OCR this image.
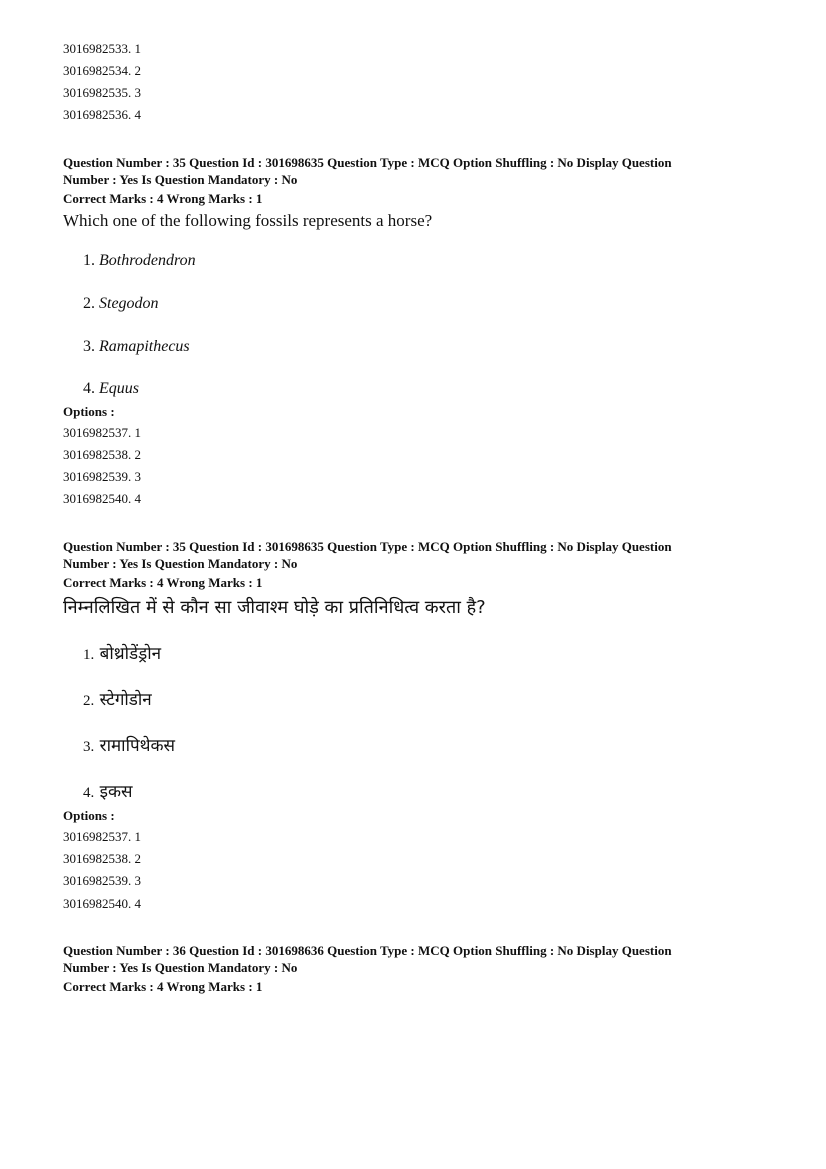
3016982533. 1
3016982534. 2
3016982535. 3
3016982536. 4
Question Number : 35 Question Id : 301698635 Question Type : MCQ Option Shuffling : No Display Question
Number : Yes Is Question Mandatory : No
Correct Marks : 4 Wrong Marks : 1
Which one of the following fossils represents a horse?
1. Bothrodendron
2. Stegodon
3. Ramapithecus
4. Equus
Options :
3016982537. 1
3016982538. 2
3016982539. 3
3016982540. 4
Question Number : 35 Question Id : 301698635 Question Type : MCQ Option Shuffling : No Display Question
Number : Yes Is Question Mandatory : No
Correct Marks : 4 Wrong Marks : 1
निम्नलिखित में से कौन सा जीवाश्म घोड़े का प्रतिनिधित्व करता है?
1. बोथ्रोडेंड्रोन
2. स्टेगोडोन
3. रामापिथेकस
4. इकस
Options :
3016982537. 1
3016982538. 2
3016982539. 3
3016982540. 4
Question Number : 36 Question Id : 301698636 Question Type : MCQ Option Shuffling : No Display Question
Number : Yes Is Question Mandatory : No
Correct Marks : 4 Wrong Marks : 1
